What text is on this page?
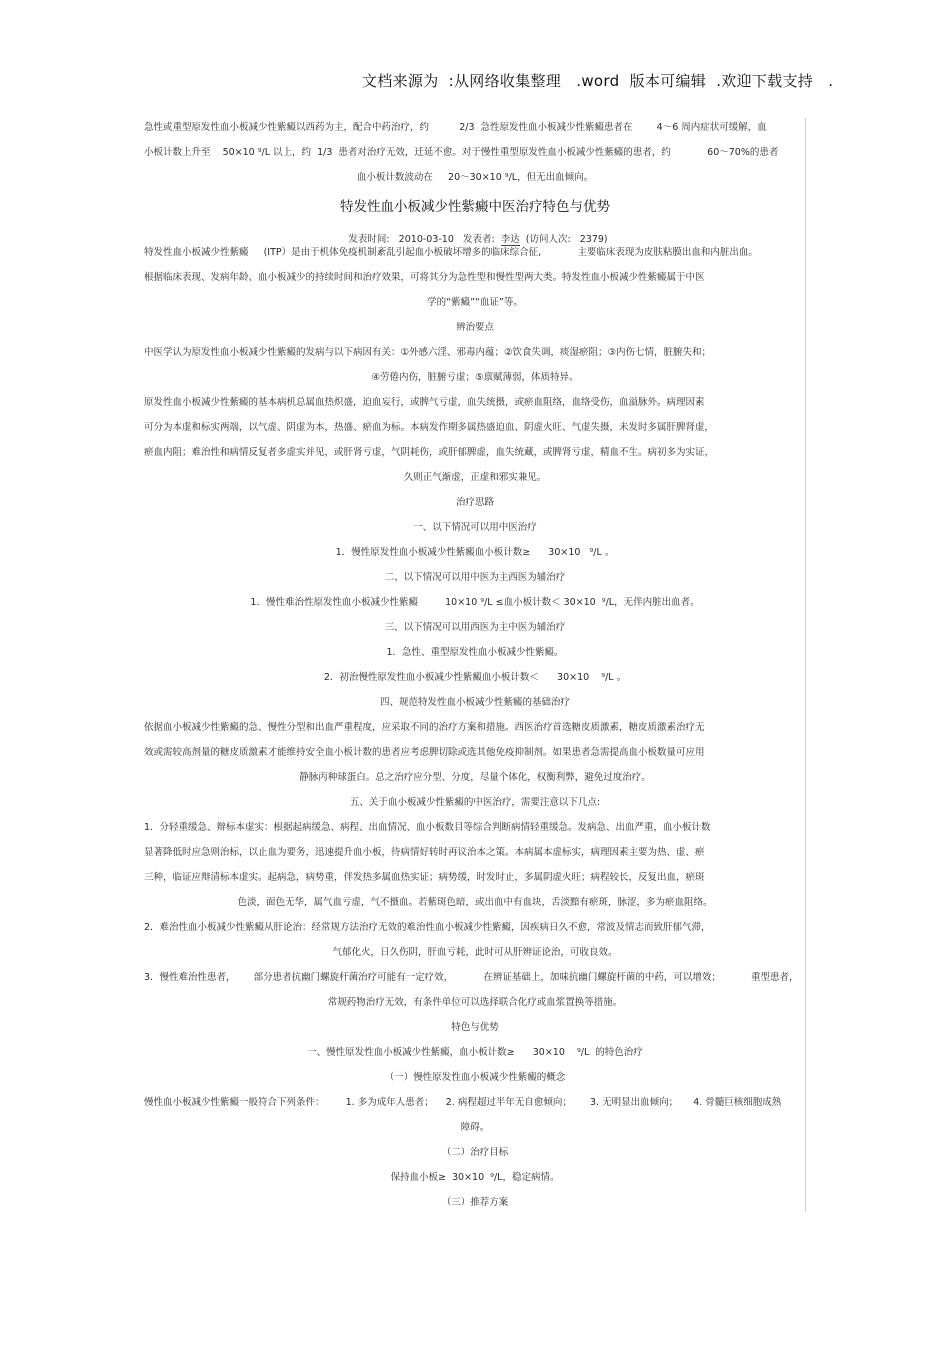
文档来源为  :从网络收集整理   .word  版本可编辑  .欢迎下载支持   .
急性或重型原发性血小板减少性紫癜以西药为主，配合中药治疗，约          2/3  急性原发性血小板减少性紫癜患者在        4～6 周内症状可缓解，血
小板计数上升至    50×10 ⁹/L 以上，约  1/3  患者对治疗无效，迁延不愈。对于慢性重型原发性血小板减少性紫癜的患者，约            60～70%的患者
血小板计数波动在     20～30×10 ⁹/L，但无出血倾向。
特发性血小板减少性紫癜中医治疗特色与优势

发表时间:   2010-03-10   发表者:  李达  (访问人次:   2379)

特发性血小板减少性紫癜     (ITP）是由于机体免疫机制紊乱引起血小板破坏增多的临床综合征,            主要临床表现为皮肤粘膜出血和内脏出血。
根据临床表现、发病年龄、血小板减少的持续时间和治疗效果，可将其分为急性型和慢性型两大类。特发性血小板减少性紫癜属于中医
学的“紫癜”“血证”等。
辨治要点
中医学认为原发性血小板减少性紫癜的发病与以下病因有关：①外感六淫、邪毒内蕴；②饮食失调，痰湿瘀阻；③内伤七情，脏腑失和；
④劳倦内伤，脏腑亏虚；⑤禀赋薄弱，体质特异。
原发性血小板减少性紫癜的基本病机总属血热炽盛，迫血妄行，或脾气亏虚，血失统摄，或瘀血阻络，血络受伤，血溢脉外。病理因素
可分为本虚和标实两端，以气虚、阴虚为本，热盛、瘀血为标。本病发作期多属热盛迫血、阴虚火旺、气虚失摄，未发时多属肝脾肾虚，
瘀血内阻；难治性和病情反复者多虚实并见，或肝肾亏虚，气阴耗伤，或肝郁脾虚，血失统藏，或脾肾亏虚，精血不生。病初多为实证，
久则正气渐虚，正虚和邪实兼见。
治疗思路
一、以下情况可以用中医治疗
1．慢性原发性血小板减少性紫癜血小板计数≥      30×10   ⁹/L 。
二、以下情况可以用中医为主西医为辅治疗
1．慢性难治性原发性血小板减少性紫癜         10×10 ⁹/L ≤血小板计数＜ 30×10  ⁹/L，无伴内脏出血者。
三、以下情况可以用西医为主中医为辅治疗
1．急性、重型原发性血小板减少性紫癜。
2．初治慢性原发性血小板减少性紫癜血小板计数＜      30×10    ⁹/L 。
四、规范特发性血小板减少性紫癜的基础治疗
依据血小板减少性紫癜的急、慢性分型和出血严重程度，应采取不同的治疗方案和措施。西医治疗首选糖皮质激素，糖皮质激素治疗无
效或需较高剂量的糖皮质激素才能维持安全血小板计数的患者应考虑脾切除或选其他免疫抑制剂。如果患者急需提高血小板数量可应用
静脉丙种球蛋白。总之治疗应分型、分度，尽量个体化，权衡利弊，避免过度治疗。
五、关于血小板减少性紫癜的中医治疗，需要注意以下几点:
1．分轻重缓急、辩标本虚实：根据起病缓急、病程、出血情况、血小板数目等综合判断病情轻重缓急。发病急、出血严重，血小板计数
显著降低时应急则治标，以止血为要务，迅速提升血小板，待病情好转时再议治本之策。本病属本虚标实，病理因素主要为热、虚、瘀
三种，临证应辩清标本虚实。起病急，病势重，伴发热多属血热实证；病势缓，时发时止，多属阴虚火旺；病程较长，反复出血，瘀斑
色淡，面色无华，属气血亏虚，气不摄血。若紫斑色暗，或出血中有血块，舌淡黯有瘀斑，脉涩，多为瘀血阻络。
2．难治性血小板减少性紫癜从肝论治：经常规方法治疗无效的难治性血小板减少性紫癜，因疾病日久不愈，常波及情志而致肝郁气滞，
气郁化火，日久伤阴，肝血亏耗，此时可从肝辨证论治，可收良效。
3．慢性难治性患者，      部分患者抗幽门螺旋杆菌治疗可能有一定疗效，          在辨证基础上，加味抗幽门螺旋杆菌的中药，可以增效；          重型患者，
常规药物治疗无效，有条件单位可以选择联合化疗或血浆置换等措施。
特色与优势
一、慢性原发性血小板减少性紫癜，血小板计数≥      30×10    ⁹/L  的特色治疗
（一）慢性原发性血小板减少性紫癜的概念
慢性血小板减少性紫癜一般符合下列条件：       1. 多为成年人患者；    2. 病程超过半年无自愈倾向；      3. 无明显出血倾向；     4. 骨髓巨核细胞成熟
障碍。
（二）治疗目标
保持血小板≥  30×10  ⁹/L，稳定病情。
（三）推荐方案
